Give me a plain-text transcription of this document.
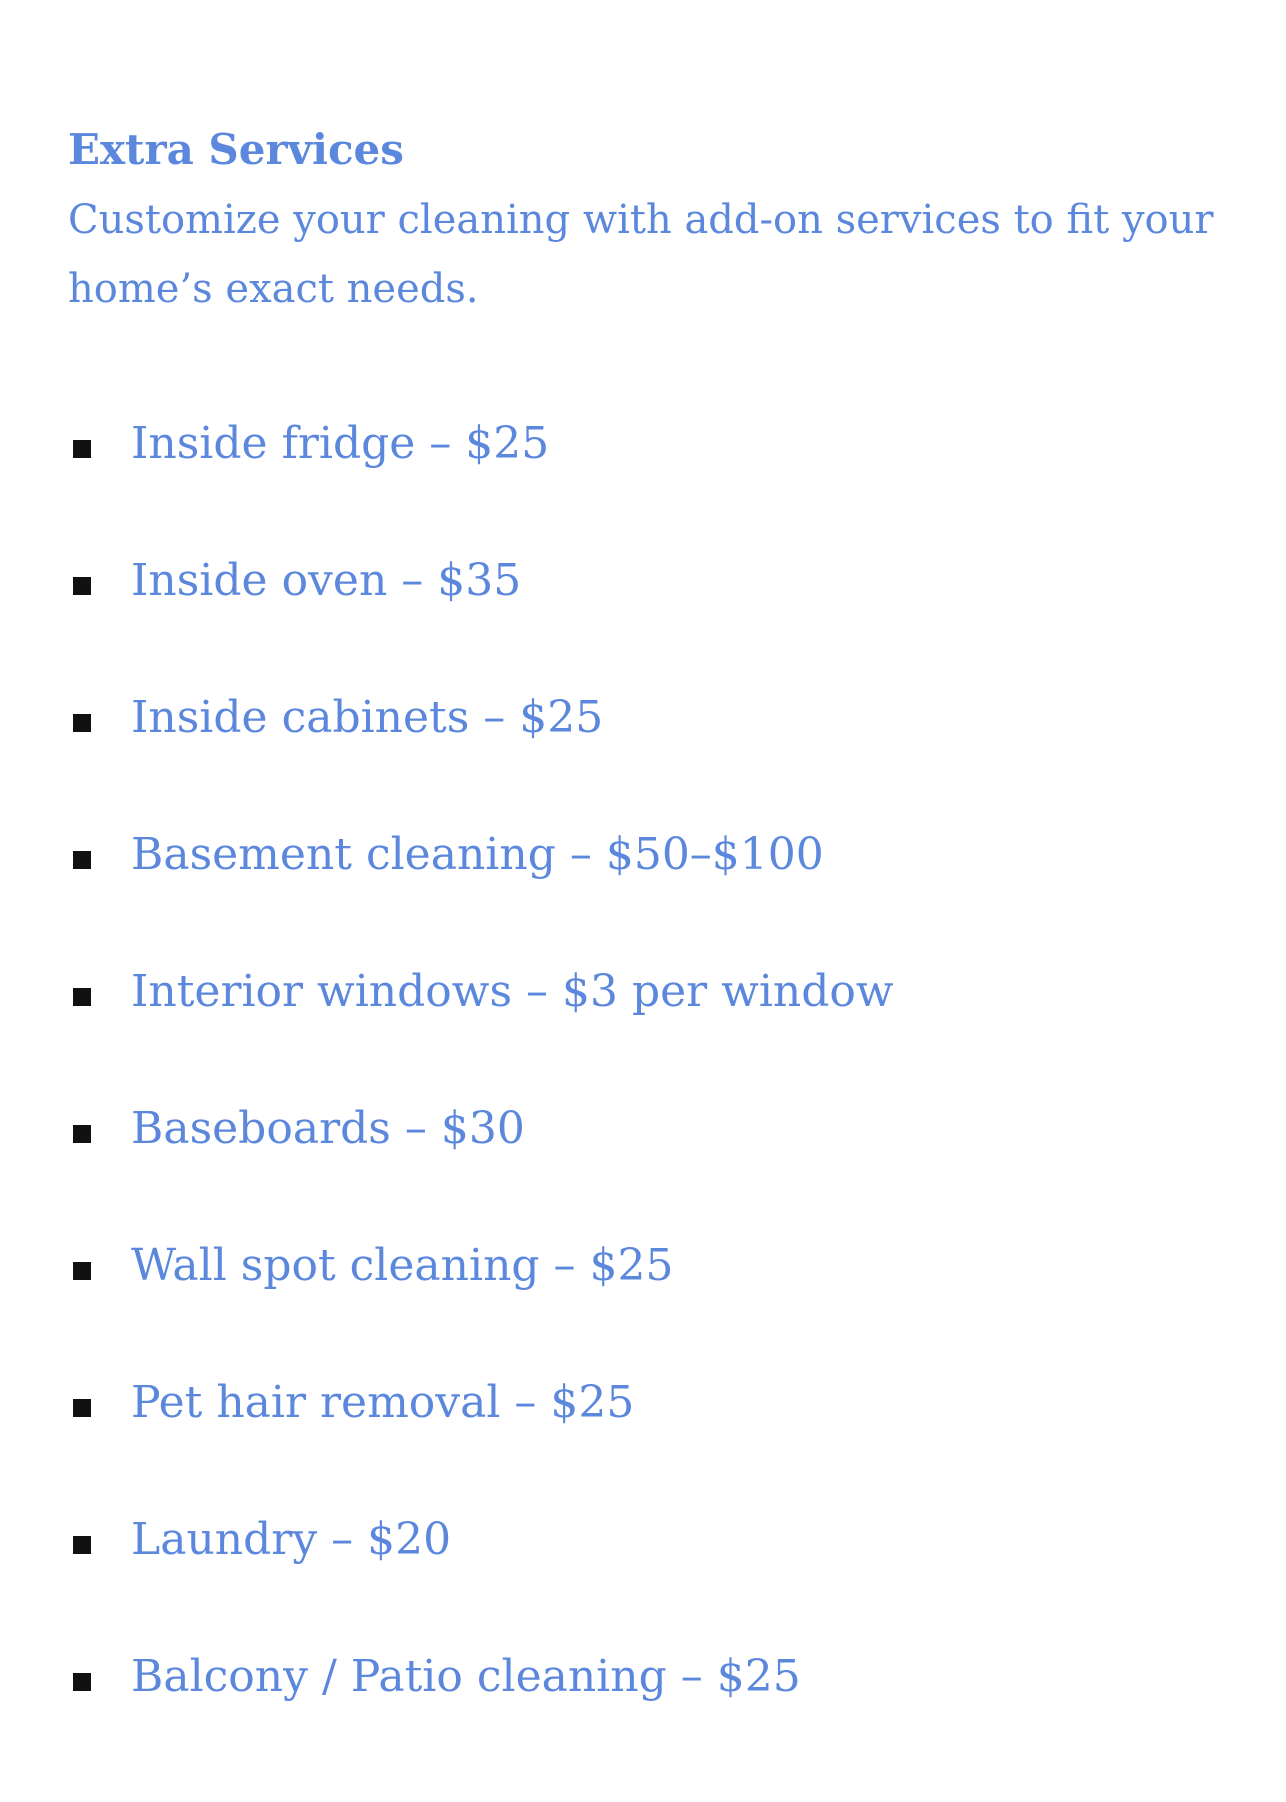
Extra Services

Customize your cleaning with add-on services to fit your home’s exact needs.

Inside fridge – $25
Inside oven – $35
Inside cabinets – $25
Basement cleaning – $50–$100
Interior windows – $3 per window
Baseboards – $30
Wall spot cleaning – $25
Pet hair removal – $25
Laundry – $20
Balcony / Patio cleaning – $25
